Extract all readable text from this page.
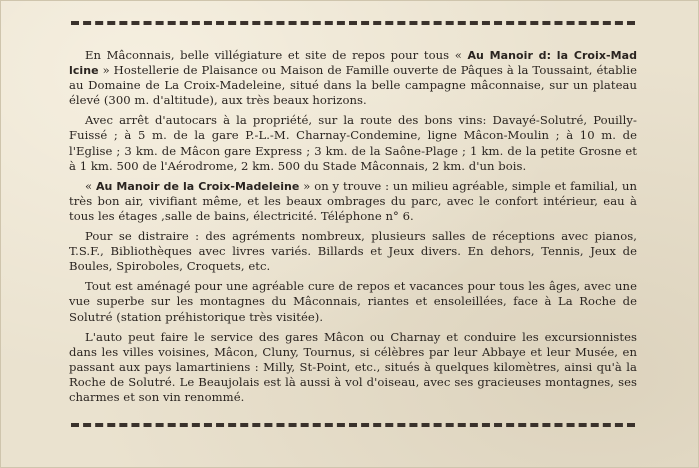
En Mâconnais, belle villégiature et site de repos pour tous « Au Manoir d: la Croix-Mad lcine » Hostellerie de Plaisance ou Maison de Famille ouverte de Pâques à la Toussaint, établie au Domaine de La Croix-Madeleine, situé dans la belle campagne mâconnaise, sur un plateau élevé (300 m. d'altitude), aux très beaux horizons.

Avec arrêt d'autocars à la propriété, sur la route des bons vins: Davayé-Solutré, Pouilly-Fuissé ; à 5 m. de la gare P.-L.-M. Charnay-Condemine, ligne Mâcon-Moulin ; à 10 m. de l'Eglise ; 3 km. de Mâcon gare Express ; 3 km. de la Saône-Plage ; 1 km. de la petite Grosne et à 1 km. 500 de l'Aérodrome, 2 km. 500 du Stade Mâconnais, 2 km. d'un bois.

« Au Manoir de la Croix-Madeleine » on y trouve : un milieu agréable, simple et familial, un très bon air, vivifiant même, et les beaux ombrages du parc, avec le confort intérieur, eau à tous les étages ,salle de bains, électricité. Téléphone n° 6.

Pour se distraire : des agréments nombreux, plusieurs salles de réceptions avec pianos, T.S.F., Bibliothèques avec livres variés. Billards et Jeux divers. En dehors, Tennis, Jeux de Boules, Spiroboles, Croquets, etc.

Tout est aménagé pour une agréable cure de repos et vacances pour tous les âges, avec une vue superbe sur les montagnes du Mâconnais, riantes et ensoleillées, face à La Roche de Solutré (station préhistorique très visitée).

L'auto peut faire le service des gares Mâcon ou Charnay et conduire les excursionnistes dans les villes voisines, Mâcon, Cluny, Tournus, si célèbres par leur Abbaye et leur Musée, en passant aux pays lamartiniens : Milly, St-Point, etc., situés à quelques kilomètres, ainsi qu'à la Roche de Solutré. Le Beaujolais est là aussi à vol d'oiseau, avec ses gracieuses montagnes, ses charmes et son vin renommé.
